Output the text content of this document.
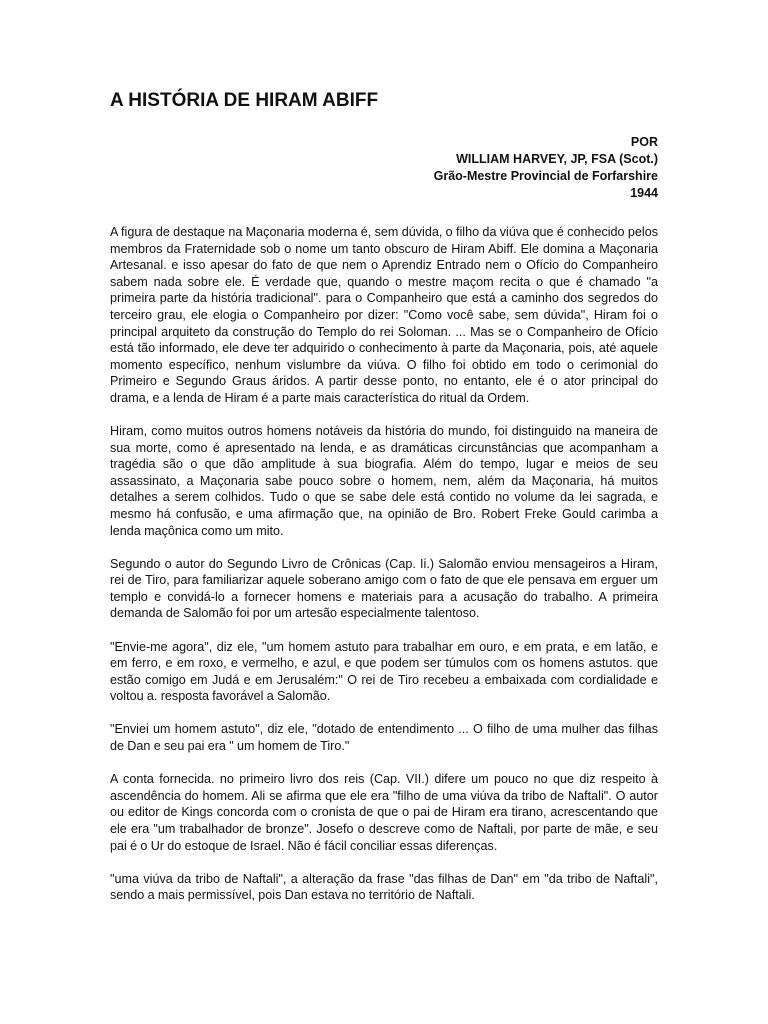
A HISTÓRIA DE HIRAM ABIFF
POR
WILLIAM HARVEY, JP, FSA (Scot.)
Grão-Mestre Provincial de Forfarshire
1944

A figura de destaque na Maçonaria moderna é, sem dúvida, o filho da viúva que é conhecido pelos membros da Fraternidade sob o nome um tanto obscuro de Hiram Abiff. Ele domina a Maçonaria Artesanal. e isso apesar do fato de que nem o Aprendiz Entrado nem o Ofício do Companheiro sabem nada sobre ele. É verdade que, quando o mestre maçom recita o que é chamado "a primeira parte da história tradicional". para o Companheiro que está a caminho dos segredos do terceiro grau, ele elogia o Companheiro por dizer: "Como você sabe, sem dúvida", Hiram foi o principal arquiteto da construção do Templo do rei Soloman. ... Mas se o Companheiro de Ofício está tão informado, ele deve ter adquirido o conhecimento à parte da Maçonaria, pois, até aquele momento específico, nenhum vislumbre da viúva. O filho foi obtido em todo o cerimonial do Primeiro e Segundo Graus áridos. A partir desse ponto, no entanto, ele é o ator principal do drama, e a lenda de Hiram é a parte mais característica do ritual da Ordem.

Hiram, como muitos outros homens notáveis da história do mundo, foi distinguido na maneira de sua morte, como é apresentado na lenda, e as dramáticas circunstâncias que acompanham a tragédia são o que dão amplitude à sua biografia. Além do tempo, lugar e meios de seu assassinato, a Maçonaria sabe pouco sobre o homem, nem, além da Maçonaria, há muitos detalhes a serem colhidos. Tudo o que se sabe dele está contido no volume da lei sagrada, e mesmo há confusão, e uma afirmação que, na opinião de Bro. Robert Freke Gould carimba a lenda maçônica como um mito.

Segundo o autor do Segundo Livro de Crônicas (Cap. Ii.) Salomão enviou mensageiros a Hiram, rei de Tiro, para familiarizar aquele soberano amigo com o fato de que ele pensava em erguer um templo e convidá-lo a fornecer homens e materiais para a acusação do trabalho. A primeira demanda de Salomão foi por um artesão especialmente talentoso.

"Envie-me agora", diz ele, "um homem astuto para trabalhar em ouro, e em prata, e em latão, e em ferro, e em roxo, e vermelho, e azul, e que podem ser túmulos com os homens astutos. que estão comigo em Judá e em Jerusalém:" O rei de Tiro recebeu a embaixada com cordialidade e voltou a. resposta favorável a Salomão.

"Enviei um homem astuto", diz ele, "dotado de entendimento ... O filho de uma mulher das filhas de Dan e seu pai era " um homem de Tiro."

A conta fornecida. no primeiro livro dos reis (Cap. VII.) difere um pouco no que diz respeito à ascendência do homem. Ali se afirma que ele era "filho de uma viúva da tribo de Naftali". O autor ou editor de Kings concorda com o cronista de que o pai de Hiram era tirano, acrescentando que ele era "um trabalhador de bronze". Josefo o descreve como de Naftali, por parte de mãe, e seu pai é o Ur do estoque de Israel. Não é fácil conciliar essas diferenças.

"uma viúva da tribo de Naftali", a alteração da frase "das filhas de Dan" em "da tribo de Naftali", sendo a mais permissível, pois Dan estava no território de Naftali.
